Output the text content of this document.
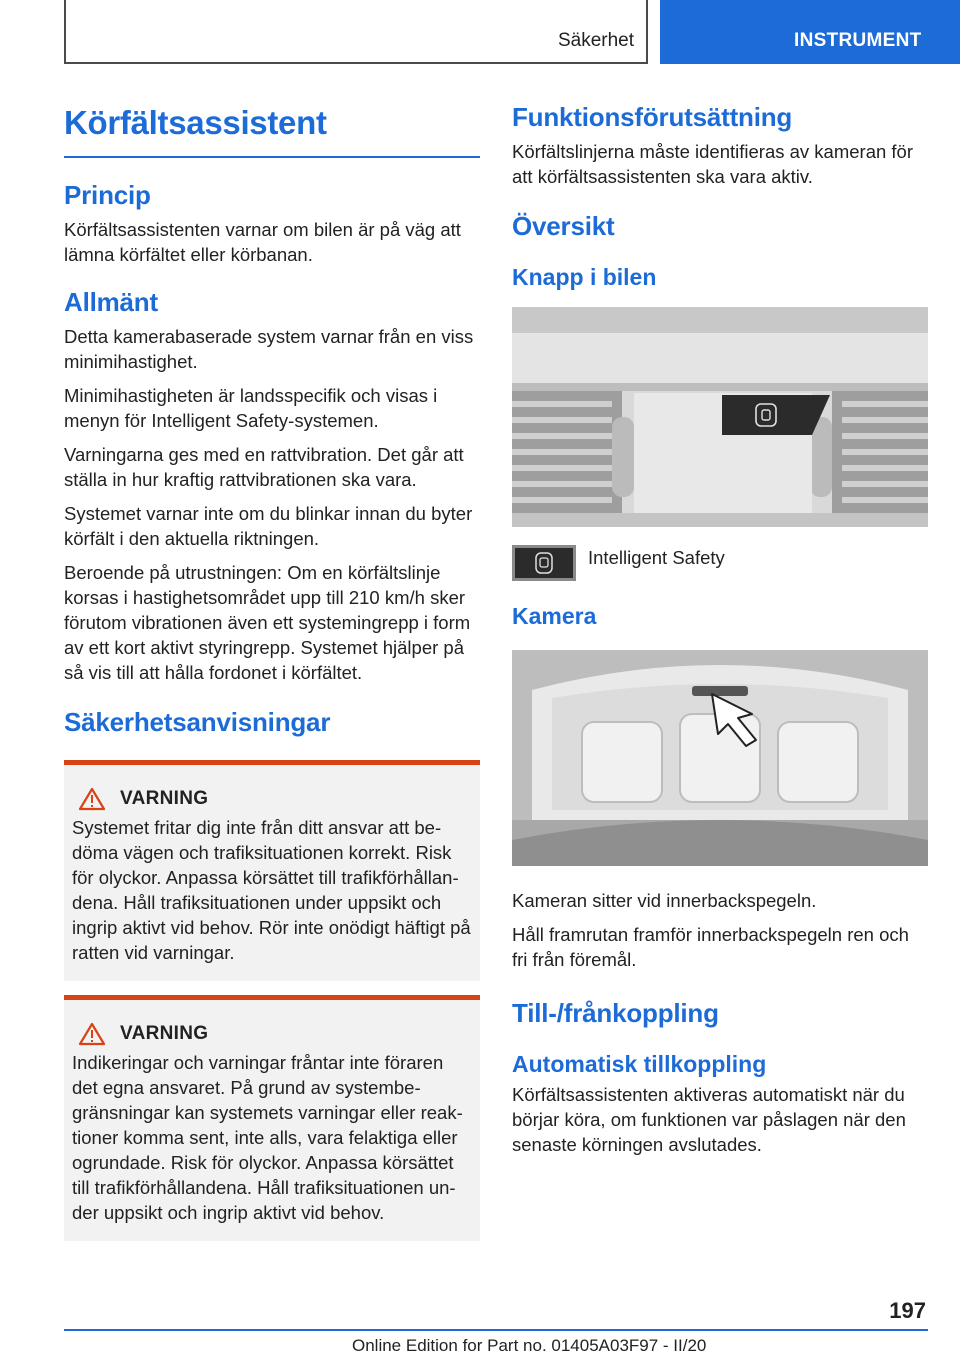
Säkerhet	INSTRUMENT
Körfältsassistent
Princip
Körfältsassistenten varnar om bilen är på väg att lämna körfältet eller körbanan.
Allmänt
Detta kamerabaserade system varnar från en viss minimihastighet.
Minimihastigheten är landsspecifik och visas i menyn för Intelligent Safety-systemen.
Varningarna ges med en rattvibration. Det går att ställa in hur kraftig rattvibrationen ska vara.
Systemet varnar inte om du blinkar innan du byter körfält i den aktuella riktningen.
Beroende på utrustningen: Om en körfältslinje korsas i hastighetsområdet upp till 210 km/h sker förutom vibrationen även ett systemingrepp i form av ett kort aktivt styringrepp. Systemet hjälper på så vis till att hålla fordonet i körfältet.
Säkerhetsanvisningar
VARNING
Systemet fritar dig inte från ditt ansvar att bedöma vägen och trafiksituationen korrekt. Risk för olyckor. Anpassa körsättet till trafikförhållandena. Håll trafiksituationen under uppsikt och ingrip aktivt vid behov. Rör inte onödigt häftigt på ratten vid varningar.
VARNING
Indikeringar och varningar fråntar inte föraren det egna ansvaret. På grund av systembegränsningar kan systemets varningar eller reaktioner komma sent, inte alls, vara felaktiga eller ogrundade. Risk för olyckor. Anpassa körsättet till trafikförhållandena. Håll trafiksituationen under uppsikt och ingrip aktivt vid behov.
Funktionsförutsättning
Körfältslinjerna måste identifieras av kameran för att körfältsassistenten ska vara aktiv.
Översikt
Knapp i bilen
Intelligent Safety
Kamera
Kameran sitter vid innerbackspegeln.
Håll framrutan framför innerbackspegeln ren och fri från föremål.
Till-/frånkoppling
Automatisk tillkoppling
Körfältsassistenten aktiveras automatiskt när du börjar köra, om funktionen var påslagen när den senaste körningen avslutades.
197
Online Edition for Part no. 01405A03F97 - II/20
